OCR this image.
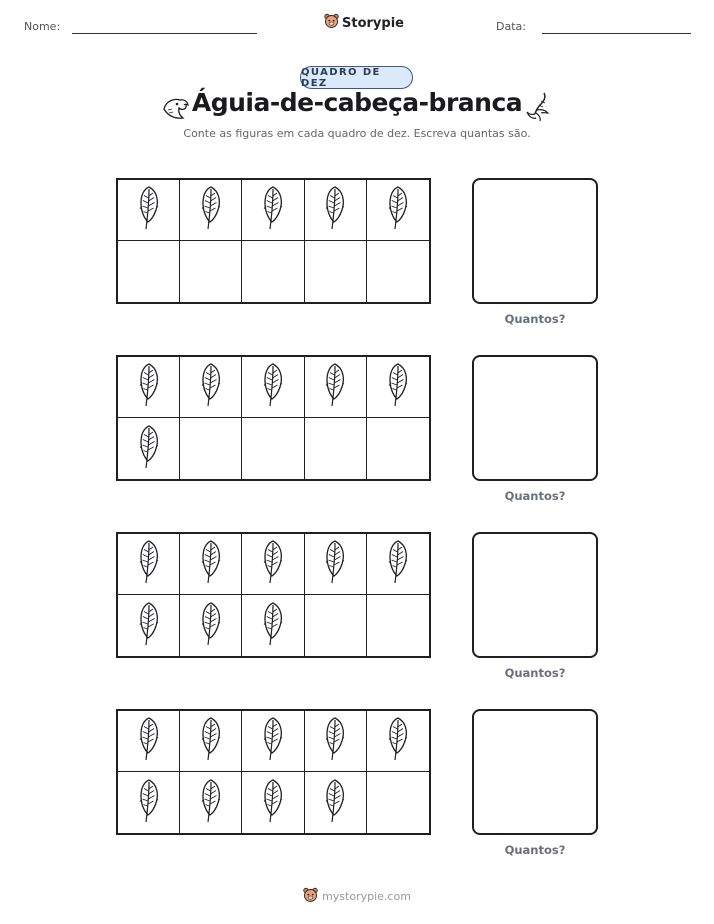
Nome:	Storypie	Data:
QUADRO DE DEZ
Águia-de-cabeça-branca
Conte as figuras em cada quadro de dez. Escreva quantas são.
Quantos?
Quantos?
Quantos?
Quantos?
mystorypie.com
